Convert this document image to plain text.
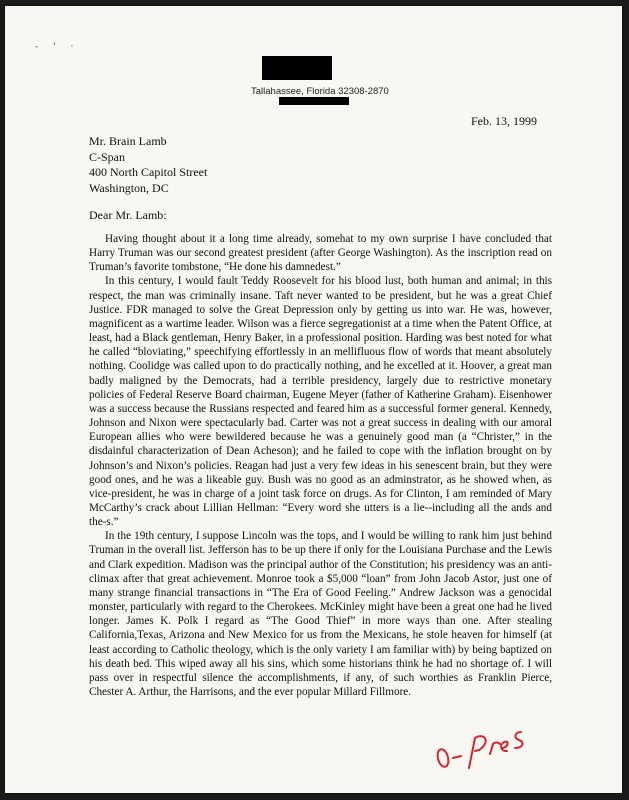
- ' ·
Tallahassee, Florida 32308-2870
Feb. 13, 1999
Mr. Brain Lamb
C-Span
400 North Capitol Street
Washington, DC
Dear Mr. Lamb:

Having thought about it a long time already, somehat to my own surprise I have concluded that Harry Truman was our second greatest president (after George Washington). As the inscription read on Truman’s favorite tombstone, “He done his damnedest.”

In this century, I would fault Teddy Roosevelt for his blood lust, both human and animal; in this respect, the man was criminally insane. Taft never wanted to be president, but he was a great Chief Justice. FDR managed to solve the Great Depression only by getting us into war. He was, however, magnificent as a wartime leader. Wilson was a fierce segregationist at a time when the Patent Office, at least, had a Black gentleman, Henry Baker, in a professional position. Harding was best noted for what he called “bloviating,” speechifying effortlessly in an mellifluous flow of words that meant absolutely nothing. Coolidge was called upon to do practically nothing, and he excelled at it. Hoover, a great man badly maligned by the Democrats, had a terrible presidency, largely due to restrictive monetary policies of Federal Reserve Board chairman, Eugene Meyer (father of Katherine Graham). Eisenhower was a success because the Russians respected and feared him as a successful former general. Kennedy, Johnson and Nixon were spectacularly bad. Carter was not a great success in dealing with our amoral European allies who were bewildered because he was a genuinely good man (a “Christer,” in the disdainful characterization of Dean Acheson); and he failed to cope with the inflation brought on by Johnson’s and Nixon’s policies. Reagan had just a very few ideas in his senescent brain, but they were good ones, and he was a likeable guy. Bush was no good as an adminstrator, as he showed when, as vice-president, he was in charge of a joint task force on drugs. As for Clinton, I am reminded of Mary McCarthy’s crack about Lillian Hellman: “Every word she utters is a lie--including all the ands and the-s.”

In the 19th century, I suppose Lincoln was the tops, and I would be willing to rank him just behind Truman in the overall list. Jefferson has to be up there if only for the Louisiana Purchase and the Lewis and Clark expedition. Madison was the principal author of the Constitution; his presidency was an anti-climax after that great achievement. Monroe took a $5,000 “loan” from John Jacob Astor, just one of many strange financial transactions in “The Era of Good Feeling.” Andrew Jackson was a genocidal monster, particularly with regard to the Cherokees. McKinley might have been a great one had he lived longer. James K. Polk I regard as “The Good Thief” in more ways than one. After stealing California,Texas, Arizona and New Mexico for us from the Mexicans, he stole heaven for himself (at least according to Catholic theology, which is the only variety I am familiar with) by being baptized on his death bed. This wiped away all his sins, which some historians think he had no shortage of. I will pass over in respectful silence the accomplishments, if any, of such worthies as Franklin Pierce, Chester A. Arthur, the Harrisons, and the ever popular Millard Fillmore.
